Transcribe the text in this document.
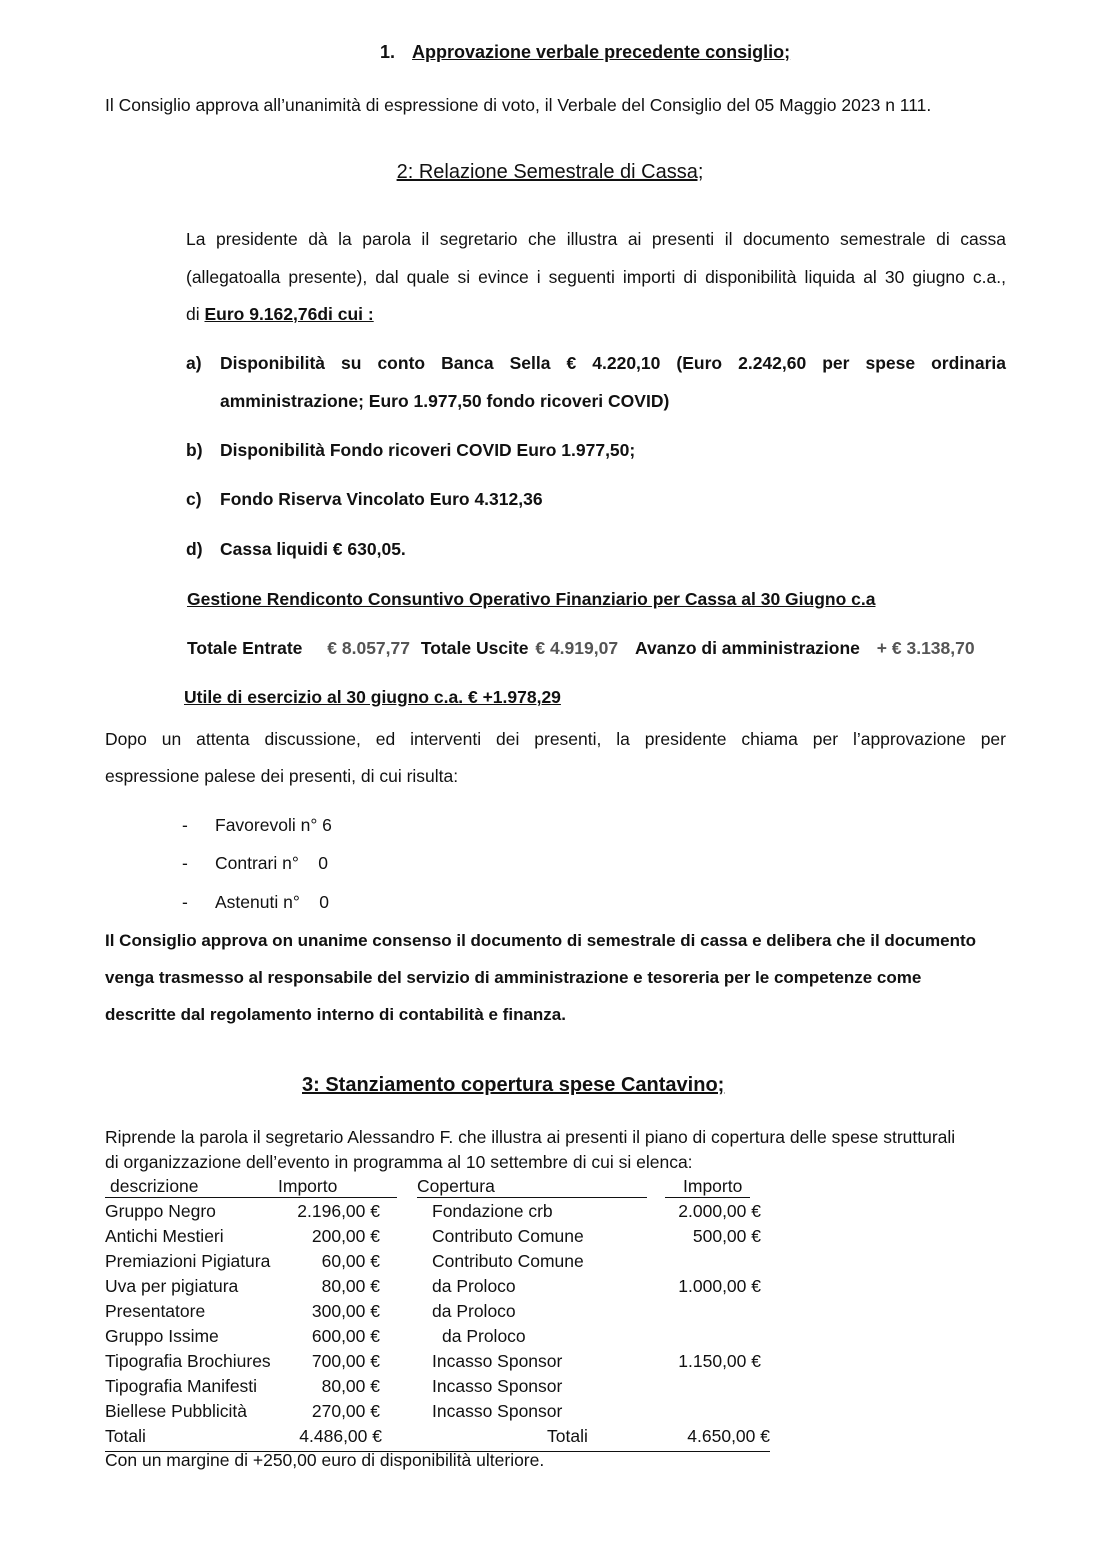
1. Approvazione verbale precedente consiglio;
Il Consiglio approva all’unanimità di espressione di voto, il Verbale del Consiglio del 05 Maggio 2023 n 111.
2: Relazione Semestrale di Cassa;
La presidente dà la parola il segretario che illustra ai presenti il documento semestrale di cassa
(allegatoalla presente), dal quale si evince i seguenti importi di disponibilità liquida al 30 giugno c.a.,
di Euro 9.162,76di cui :
a) Disponibilità su conto Banca Sella € 4.220,10 (Euro 2.242,60 per spese ordinaria
amministrazione; Euro 1.977,50 fondo ricoveri COVID)
b) Disponibilità Fondo ricoveri COVID Euro 1.977,50;
c) Fondo Riserva Vincolato Euro 4.312,36
d) Cassa liquidi € 630,05.
Gestione Rendiconto Consuntivo Operativo Finanziario per Cassa al 30 Giugno c.a
Totale Entrate € 8.057,77 Totale Uscite € 4.919,07 Avanzo di amministrazione + € 3.138,70
Utile di esercizio al 30 giugno c.a. € +1.978,29
Dopo un attenta discussione, ed interventi dei presenti, la presidente chiama per l’approvazione per
espressione palese dei presenti, di cui risulta:
- Favorevoli n° 6
- Contrari n°    0
- Astenuti n°    0
Il Consiglio approva on unanime consenso il documento di semestrale di cassa e delibera che il documento
venga trasmesso al responsabile del servizio di amministrazione e tesoreria per le competenze come
descritte dal regolamento interno di contabilità e finanza.
3: Stanziamento copertura spese Cantavino;
Riprende la parola il segretario Alessandro F. che illustra ai presenti il piano di copertura delle spese strutturali
di organizzazione dell’evento in programma al 10 settembre di cui si elenca:
descrizione	Importo	Copertura	Importo
Gruppo Negro	2.196,00 €	Fondazione crb	2.000,00 €
Antichi Mestieri	200,00 €	Contributo Comune	500,00 €
Premiazioni Pigiatura	60,00 €	Contributo Comune
Uva per pigiatura	80,00 €	da Proloco	1.000,00 €
Presentatore	300,00 €	da Proloco
Gruppo Issime	600,00 €	da Proloco
Tipografia Brochiures	700,00 €	Incasso Sponsor	1.150,00 €
Tipografia Manifesti	80,00 €	Incasso Sponsor
Biellese Pubblicità	270,00 €	Incasso Sponsor
Totali	4.486,00 €	Totali	4.650,00 €
Con un margine di +250,00 euro di disponibilità ulteriore.
